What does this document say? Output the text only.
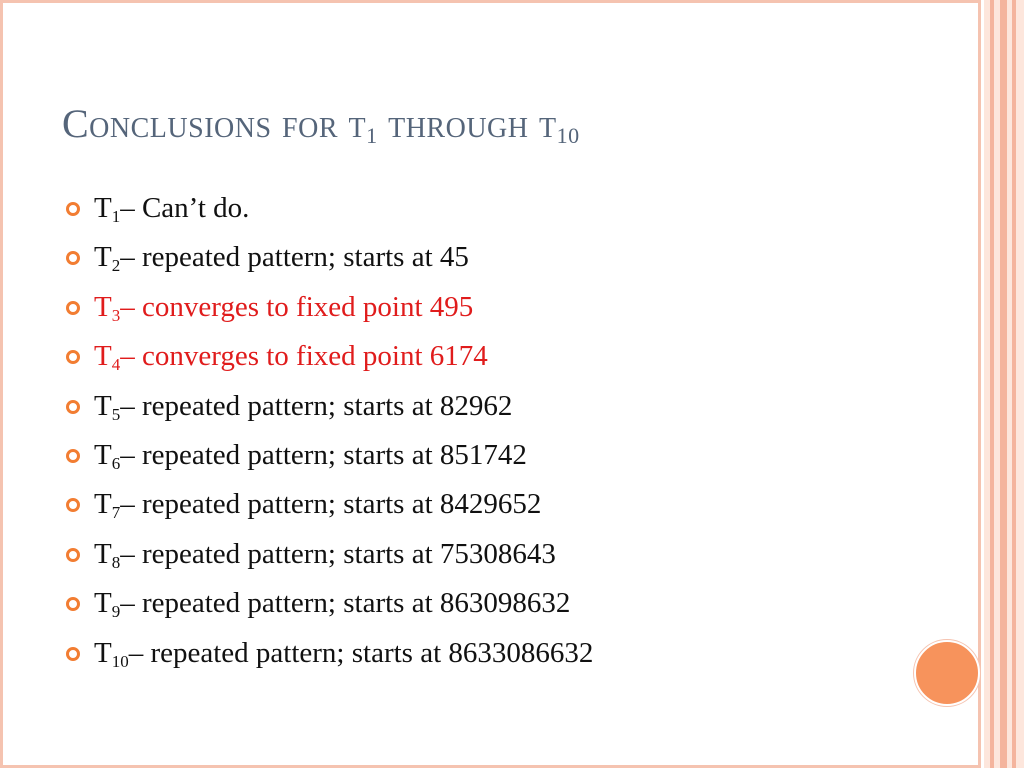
Conclusions for $t_1$ through $t_{10}$
$T_1-$ Can’t do.
$T_2-$ repeated pattern; starts at 45
$T_3-$ converges to fixed point 495
$T_4-$ converges to fixed point 6174
$T_5-$ repeated pattern; starts at 82962
$T_6-$ repeated pattern; starts at 851742
$T_7-$ repeated pattern; starts at 8429652
$T_8-$ repeated pattern; starts at 75308643
$T_9-$ repeated pattern; starts at 863098632
$T_{10}-$ repeated pattern; starts at 8633086632
